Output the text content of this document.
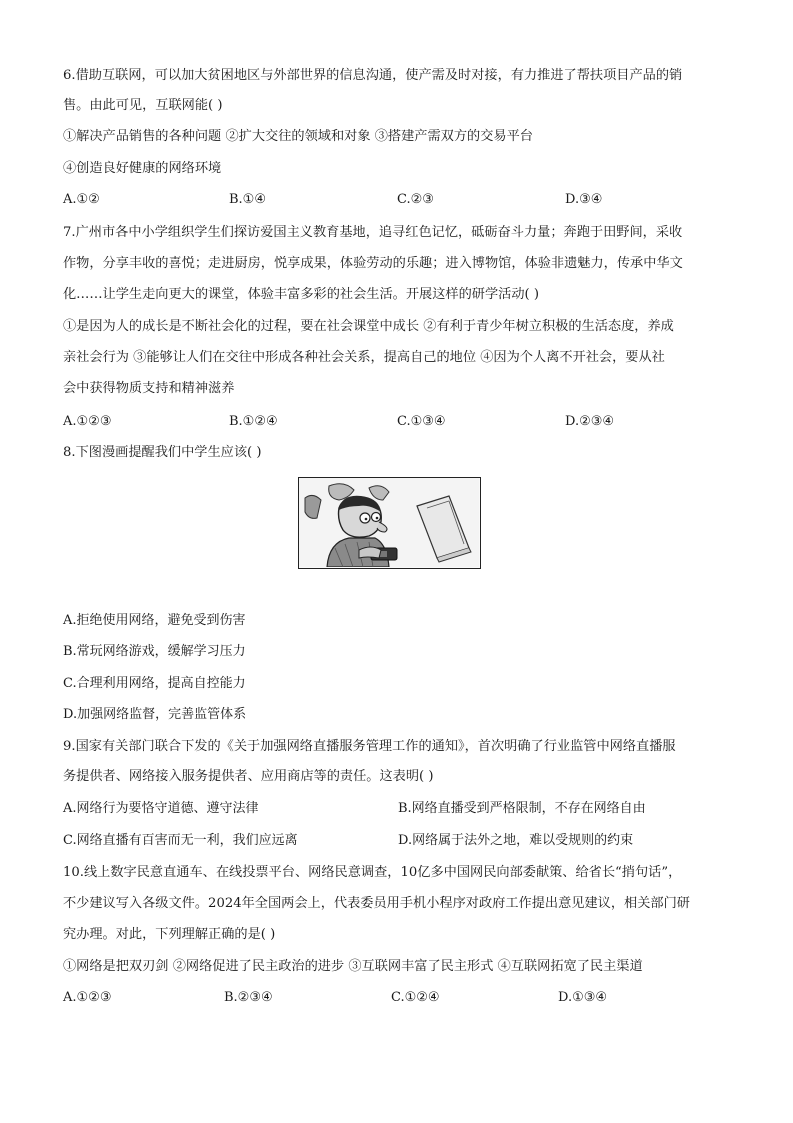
6.借助互联网，可以加大贫困地区与外部世界的信息沟通，使产需及时对接，有力推进了帮扶项目产品的销
售。由此可见，互联网能( )
①解决产品销售的各种问题 ②扩大交往的领域和对象 ③搭建产需双方的交易平台
④创造良好健康的网络环境
A.①②	B.①④	C.②③	D.③④
7.广州市各中小学组织学生们探访爱国主义教育基地，追寻红色记忆，砥砺奋斗力量；奔跑于田野间，采收
作物，分享丰收的喜悦；走进厨房，悦享成果，体验劳动的乐趣；进入博物馆，体验非遗魅力，传承中华文
化……让学生走向更大的课堂，体验丰富多彩的社会生活。开展这样的研学活动( )
①是因为人的成长是不断社会化的过程，要在社会课堂中成长 ②有利于青少年树立积极的生活态度，养成
亲社会行为 ③能够让人们在交往中形成各种社会关系，提高自己的地位 ④因为个人离不开社会，要从社
会中获得物质支持和精神滋养
A.①②③	B.①②④	C.①③④	D.②③④
8.下图漫画提醒我们中学生应该( )
A.拒绝使用网络，避免受到伤害
B.常玩网络游戏，缓解学习压力
C.合理利用网络，提高自控能力
D.加强网络监督，完善监管体系
9.国家有关部门联合下发的《关于加强网络直播服务管理工作的通知》，首次明确了行业监管中网络直播服
务提供者、网络接入服务提供者、应用商店等的责任。这表明( )
A.网络行为要恪守道德、遵守法律	B.网络直播受到严格限制，不存在网络自由
C.网络直播有百害而无一利，我们应远离	D.网络属于法外之地，难以受规则的约束
10.线上数字民意直通车、在线投票平台、网络民意调查，10亿多中国网民向部委献策、给省长“捎句话”，
不少建议写入各级文件。2024年全国两会上，代表委员用手机小程序对政府工作提出意见建议，相关部门研
究办理。对此，下列理解正确的是( )
①网络是把双刃剑 ②网络促进了民主政治的进步 ③互联网丰富了民主形式 ④互联网拓宽了民主渠道
A.①②③	B.②③④	C.①②④	D.①③④
